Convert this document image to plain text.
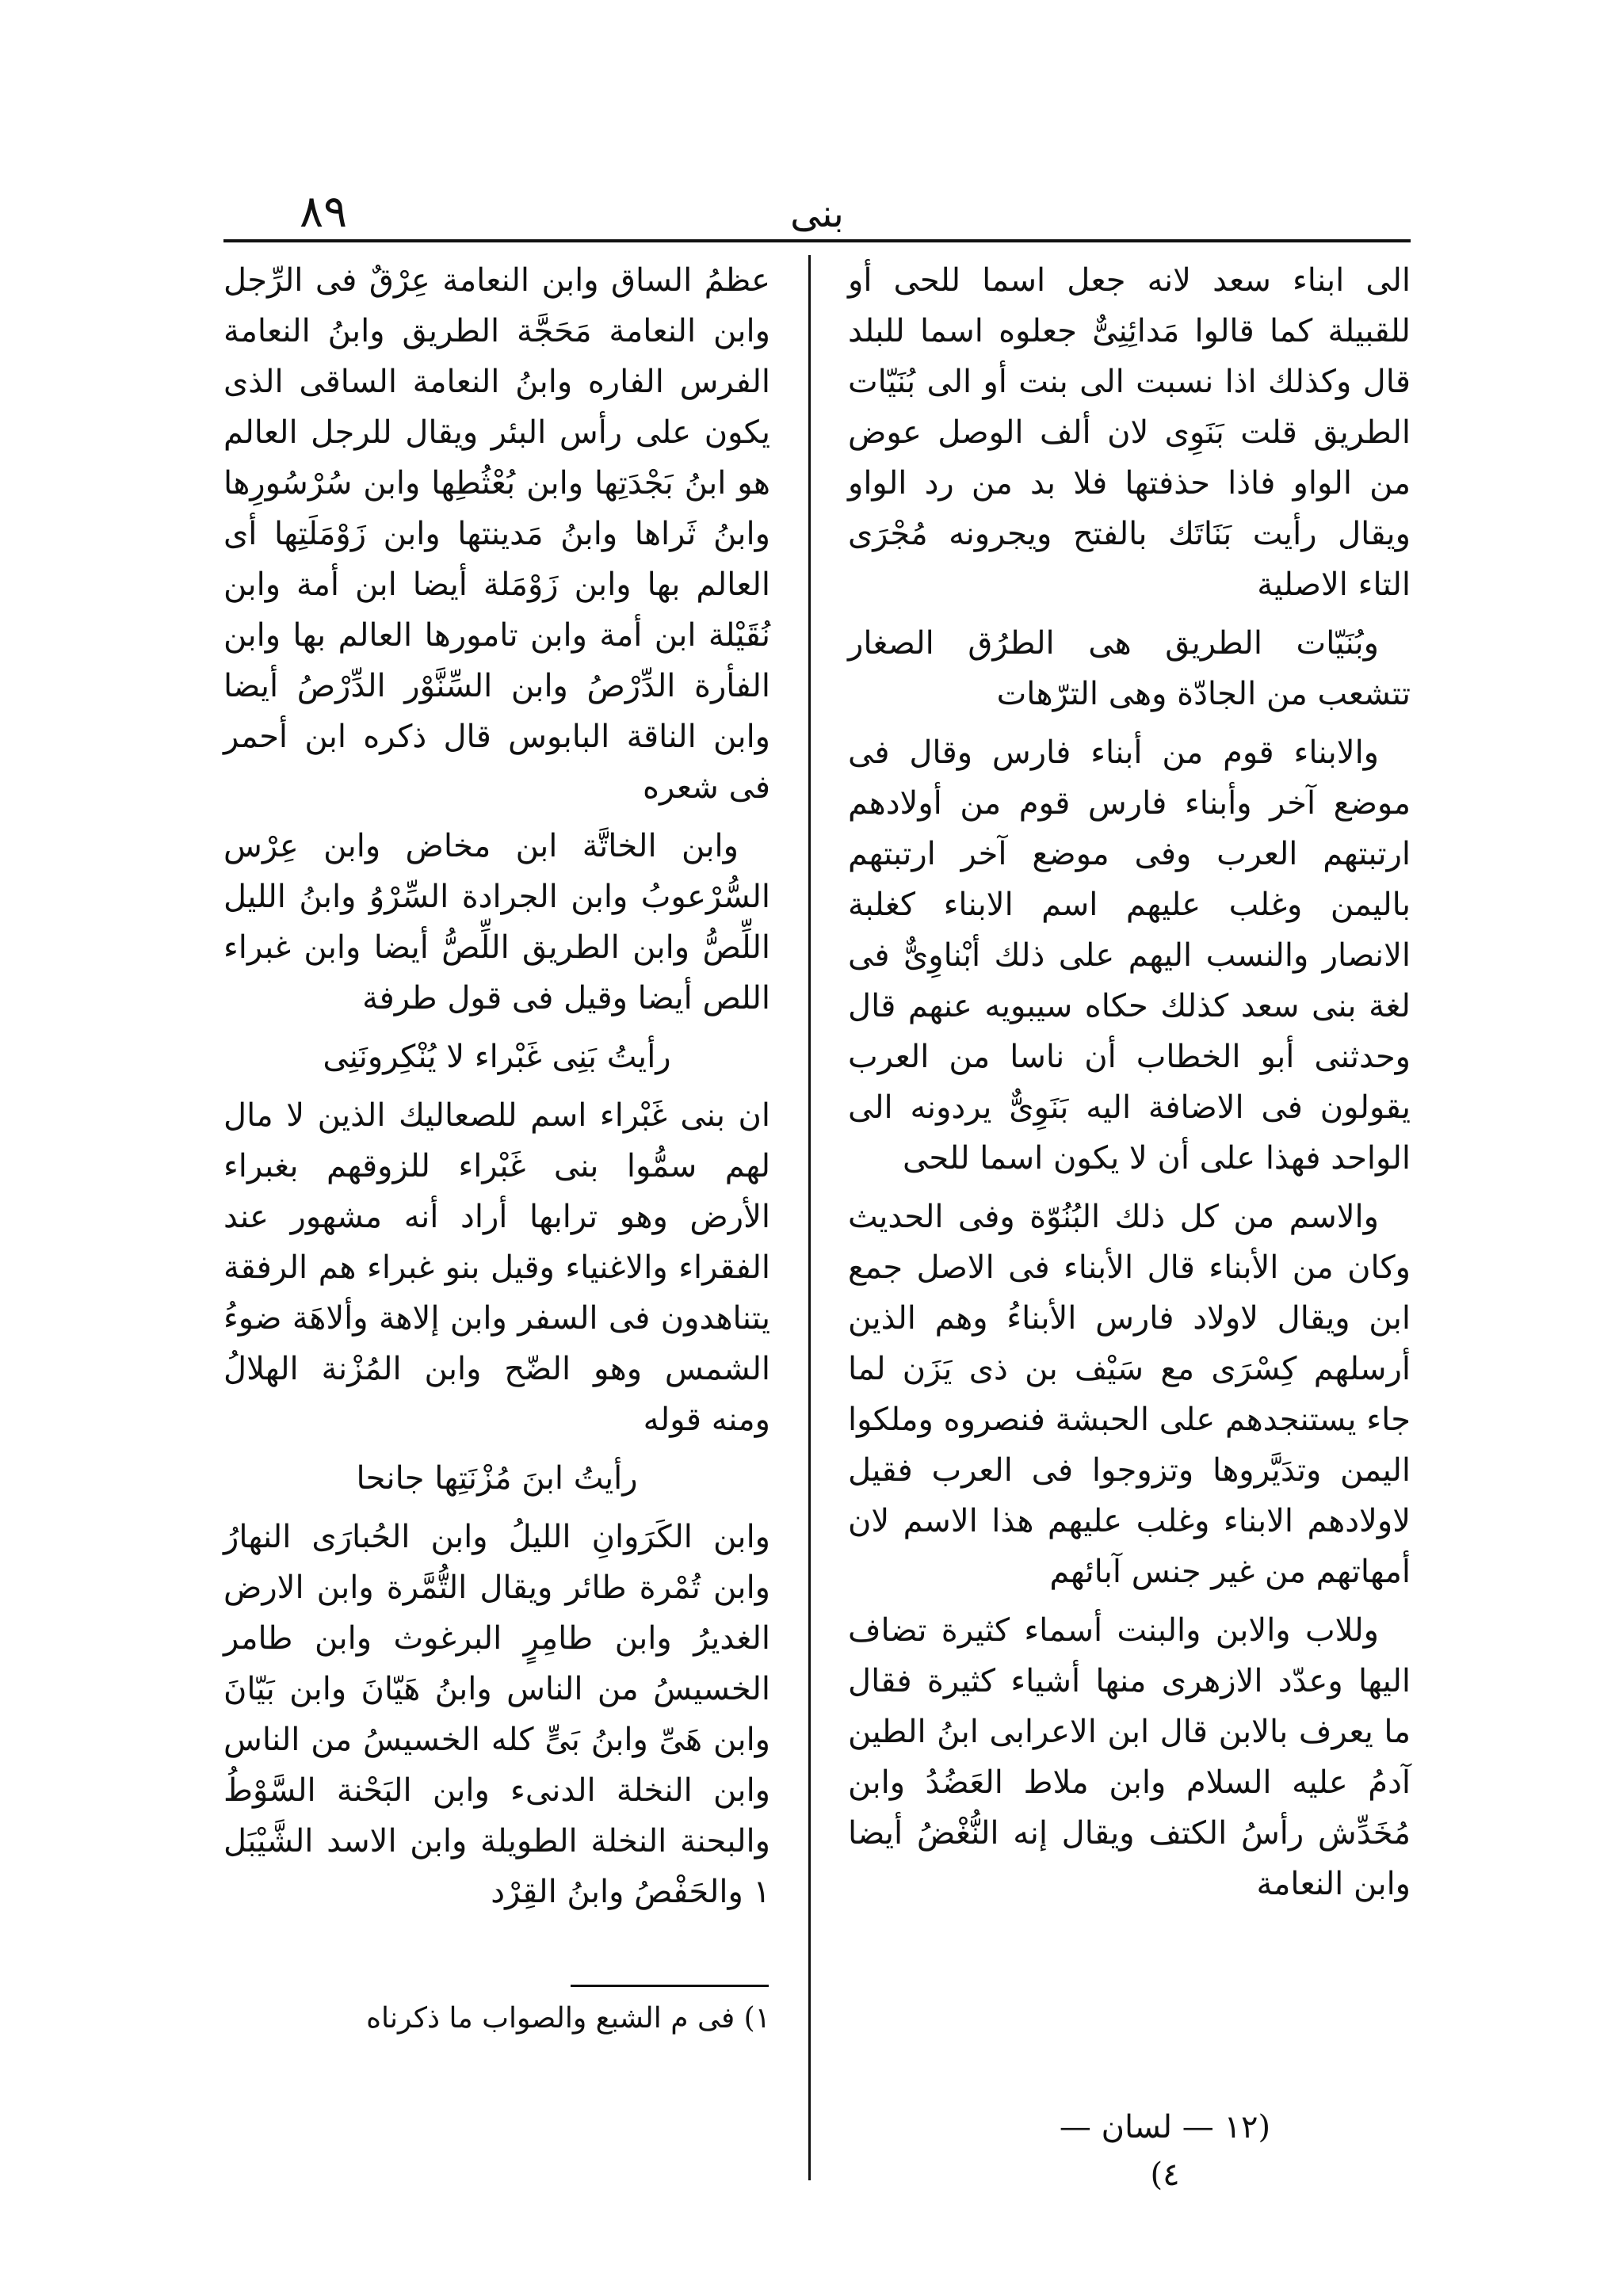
٨٩	بنى

الى ابناء سعد لانه جعل اسما للحى أو للقبيلة كما قالوا مَدائِنِىٌّ جعلوه اسما للبلد قال وكذلك اذا نسبت الى بنت أو الى بُنَيّات الطريق قلت بَنَوِى لان ألف الوصل عوض من الواو فاذا حذفتها فلا بد من رد الواو ويقال رأيت بَنَاتَك بالفتح ويجرونه مُجْرَى التاء الاصلية

وبُنَيّات الطريق هى الطرُق الصغار تتشعب من الجادّة وهى الترّهات

والابناء قوم من أبناء فارس وقال فى موضع آخر وأبناء فارس قوم من أولادهم ارتبتهم العرب وفى موضع آخر ارتبتهم باليمن وغلب عليهم اسم الابناء كغلبة الانصار والنسب اليهم على ذلك أبْناوِىٌّ فى لغة بنى سعد كذلك حكاه سيبويه عنهم قال وحدثنى أبو الخطاب أن ناسا من العرب يقولون فى الاضافة اليه بَنَوِىٌّ يردونه الى الواحد فهذا على أن لا يكون اسما للحى

والاسم من كل ذلك البُنُوّة وفى الحديث وكان من الأبناء قال الأبناء فى الاصل جمع ابن ويقال لاولاد فارس الأبناءُ وهم الذين أرسلهم كِسْرَى مع سَيْف بن ذى يَزَن لما جاء يستنجدهم على الحبشة فنصروه وملكوا اليمن وتدَيَّروها وتزوجوا فى العرب فقيل لاولادهم الابناء وغلب عليهم هذا الاسم لان أمهاتهم من غير جنس آبائهم

وللاب والابن والبنت أسماء كثيرة تضاف اليها وعدّد الازهرى منها أشياء كثيرة فقال ما يعرف بالابن قال ابن الاعرابى ابنُ الطين آدمُ عليه السلام وابن ملاط العَضُدُ وابن مُخَدِّش رأسُ الكتف ويقال إنه النُّغْضُ أيضا وابن النعامة

عظمُ الساق وابن النعامة عِرْقٌ فى الرِّجل وابن النعامة مَحَجَّة الطريق وابنُ النعامة الفرس الفاره وابنُ النعامة الساقى الذى يكون على رأس البئر ويقال للرجل العالم هو ابنُ بَجْدَتِها وابن بُعْثُطِها وابن سُرْسُورِها وابنُ ثَراها وابنُ مَدينتها وابن زَوْمَلَتِها أى العالم بها وابن زَوْمَلة أيضا ابن أمة وابن نُقَيْلة ابن أمة وابن تامورها العالم بها وابن الفأرة الدِّرْصُ وابن السِّنَّوْر الدِّرْصُ أيضا وابن الناقة البابوس قال ذكره ابن أحمر فى شعره

وابن الخاتَّة ابن مخاض وابن عِرْس السُّرْعوبُ وابن الجرادة السِّرْوُ وابنُ الليل اللِّصُّ وابن الطريق اللِّصُّ أيضا وابن غبراء اللص أيضا وقيل فى قول طرفة

رأيتُ بَنِى غَبْراء لا يُنْكِرونَنِى

ان بنى غَبْراء اسم للصعاليك الذين لا مال لهم سمُّوا بنى غَبْراء للزوقهم بغبراء الأرض وهو ترابها أراد أنه مشهور عند الفقراء والاغنياء وقيل بنو غبراء هم الرفقة يتناهدون فى السفر وابن إلاهة وألاهَة ضوءُ الشمس وهو الضّح وابن المُزْنة الهلالُ ومنه قوله

رأيتُ ابنَ مُزْنَتِها جانحا

وابن الكَرَوانِ الليلُ وابن الحُبارَى النهارُ وابن تُمْرة طائر ويقال التُّمَّرة وابن الارض الغديرُ وابن طامِرٍ البرغوث وابن طامر الخسيسُ من الناس وابنُ هَيّانَ وابن بَيّانَ وابن هَىِّ وابنُ بَىٍّ كله الخسيسُ من الناس وابن النخلة الدنىء وابن البَحْنة السَّوْطُ والبحنة النخلة الطويلة وابن الاسد الشَّيْبَل ١ والحَفْصُ وابنُ القِرْد

١) فى م الشبع والصواب ما ذكرناه
(١٢ — لسان — ٤)
